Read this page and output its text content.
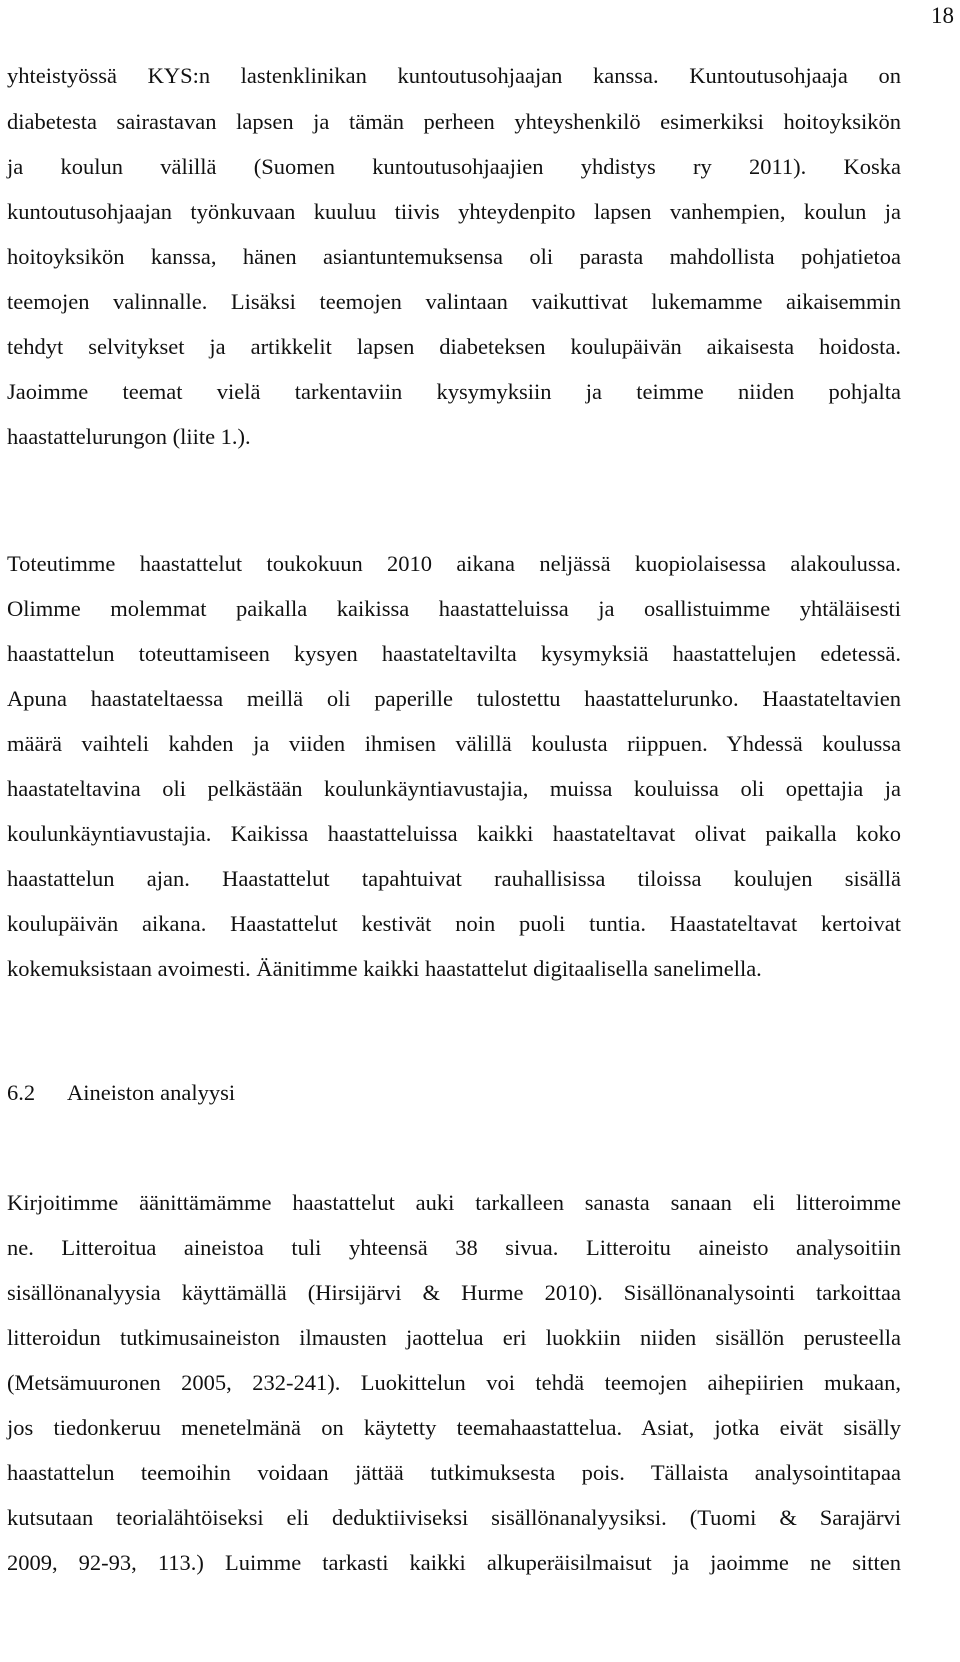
18
yhteistyössä KYS:n lastenklinikan kuntoutusohjaajan kanssa. Kuntoutusohjaaja on
diabetesta sairastavan lapsen ja tämän perheen yhteyshenkilö esimerkiksi hoitoyksikön
ja koulun välillä (Suomen kuntoutusohjaajien yhdistys ry 2011). Koska
kuntoutusohjaajan työnkuvaan kuuluu tiivis yhteydenpito lapsen vanhempien, koulun ja
hoitoyksikön kanssa, hänen asiantuntemuksensa oli parasta mahdollista pohjatietoa
teemojen valinnalle. Lisäksi teemojen valintaan vaikuttivat lukemamme aikaisemmin
tehdyt selvitykset ja artikkelit lapsen diabeteksen koulupäivän aikaisesta hoidosta.
Jaoimme teemat vielä tarkentaviin kysymyksiin ja teimme niiden pohjalta
haastattelurungon (liite 1.).
Toteutimme haastattelut toukokuun 2010 aikana neljässä kuopiolaisessa alakoulussa.
Olimme molemmat paikalla kaikissa haastatteluissa ja osallistuimme yhtäläisesti
haastattelun toteuttamiseen kysyen haastateltavilta kysymyksiä haastattelujen edetessä.
Apuna haastateltaessa meillä oli paperille tulostettu haastattelurunko. Haastateltavien
määrä vaihteli kahden ja viiden ihmisen välillä koulusta riippuen. Yhdessä koulussa
haastateltavina oli pelkästään koulunkäyntiavustajia, muissa kouluissa oli opettajia ja
koulunkäyntiavustajia. Kaikissa haastatteluissa kaikki haastateltavat olivat paikalla koko
haastattelun ajan. Haastattelut tapahtuivat rauhallisissa tiloissa koulujen sisällä
koulupäivän aikana. Haastattelut kestivät noin puoli tuntia. Haastateltavat kertoivat
kokemuksistaan avoimesti. Äänitimme kaikki haastattelut digitaalisella sanelimella.
6.2 Aineiston analyysi
Kirjoitimme äänittämämme haastattelut auki tarkalleen sanasta sanaan eli litteroimme
ne. Litteroitua aineistoa tuli yhteensä 38 sivua. Litteroitu aineisto analysoitiin
sisällönanalyysia käyttämällä (Hirsijärvi & Hurme 2010). Sisällönanalysointi tarkoittaa
litteroidun tutkimusaineiston ilmausten jaottelua eri luokkiin niiden sisällön perusteella
(Metsämuuronen 2005, 232-241). Luokittelun voi tehdä teemojen aihepiirien mukaan,
jos tiedonkeruu menetelmänä on käytetty teemahaastattelua. Asiat, jotka eivät sisälly
haastattelun teemoihin voidaan jättää tutkimuksesta pois. Tällaista analysointitapaa
kutsutaan teorialähtöiseksi eli deduktiiviseksi sisällönanalyysiksi. (Tuomi & Sarajärvi
2009, 92-93, 113.) Luimme tarkasti kaikki alkuperäisilmaisut ja jaoimme ne sitten
